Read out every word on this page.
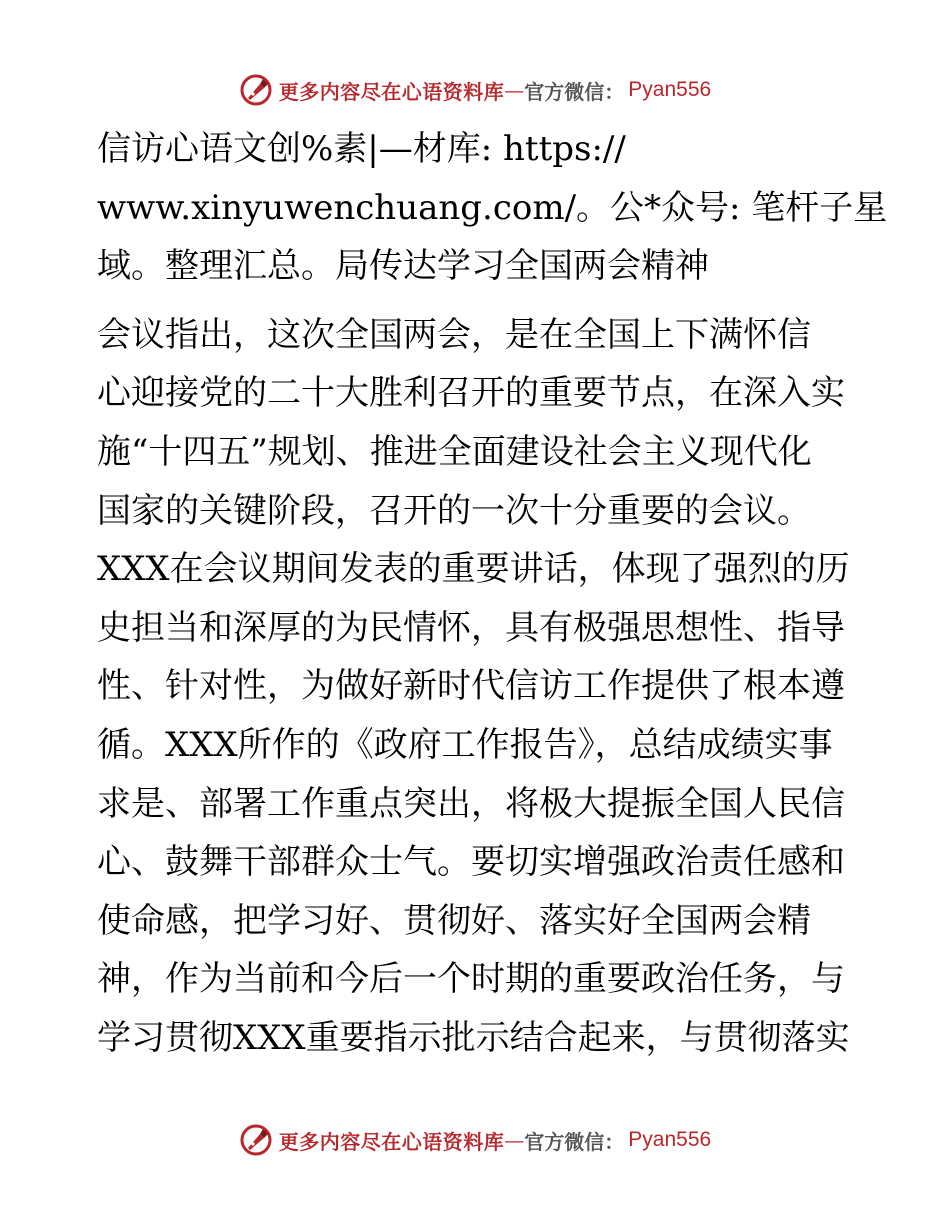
更多内容尽在心语资料库 — 官方微信： Pyan556
信访心语文创%素|—材库: https://
www.xinyuwenchuang.com/。公*众号: 笔杆子星
域。整理汇总。局传达学习全国两会精神
会议指出，这次全国两会，是在全国上下满怀信
心迎接党的二十大胜利召开的重要节点，在深入实
施“十四五”规划、推进全面建设社会主义现代化
国家的关键阶段，召开的一次十分重要的会议。
XXX在会议期间发表的重要讲话，体现了强烈的历
史担当和深厚的为民情怀，具有极强思想性、指导
性、针对性，为做好新时代信访工作提供了根本遵
循。XXX所作的《政府工作报告》，总结成绩实事
求是、部署工作重点突出，将极大提振全国人民信
心、鼓舞干部群众士气。要切实增强政治责任感和
使命感，把学习好、贯彻好、落实好全国两会精
神，作为当前和今后一个时期的重要政治任务，与
学习贯彻XXX重要指示批示结合起来，与贯彻落实
更多内容尽在心语资料库 — 官方微信： Pyan556
